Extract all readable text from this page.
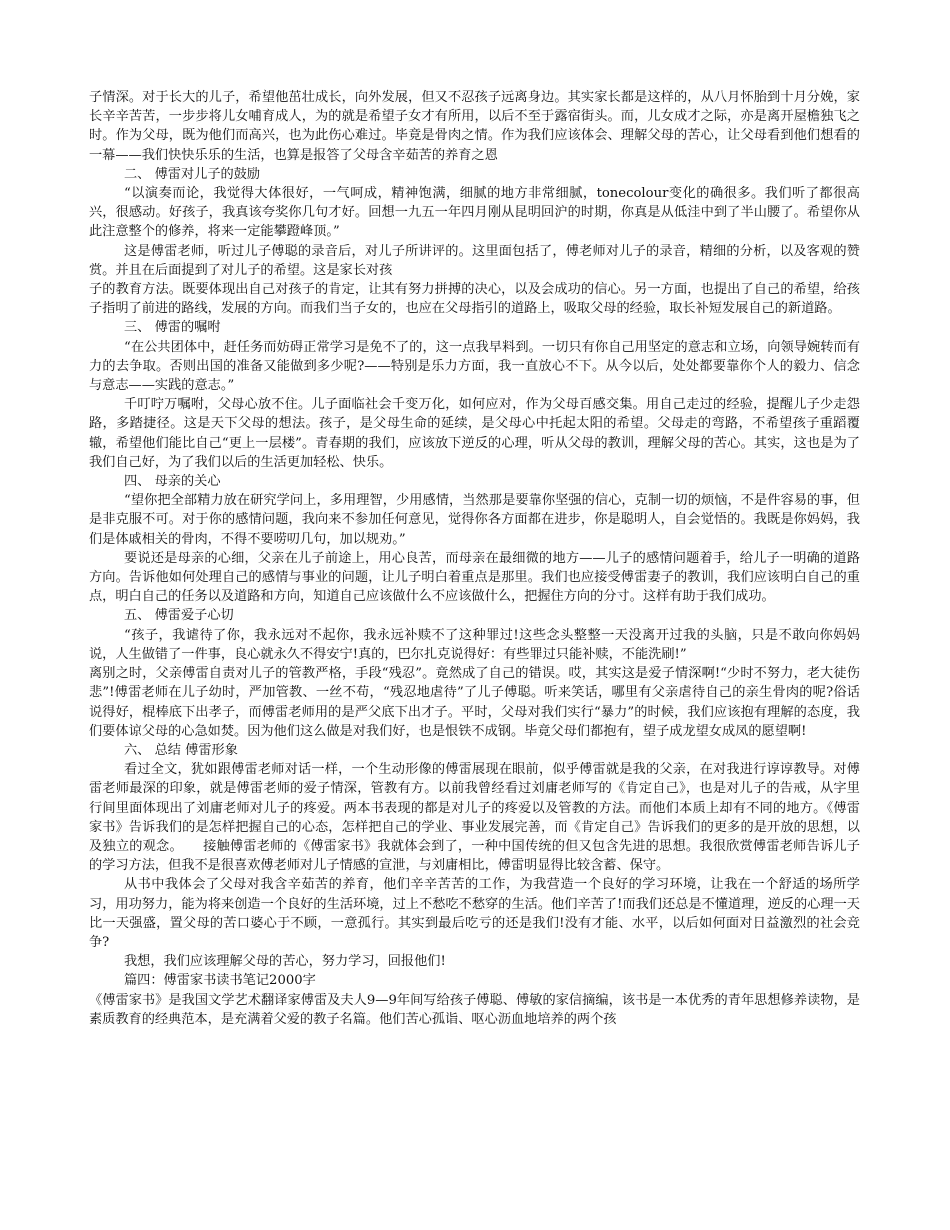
子情深。对于长大的儿子，希望他茁壮成长，向外发展，但又不忍孩子远离身边。其实家长都是这样的，从八月怀胎到十月分娩，家长辛辛苦苦，一步步将儿女哺育成人，为的就是希望子女才有所用，以后不至于露宿街头。而，儿女成才之际，亦是离开屋檐独飞之时。作为父母，既为他们而高兴，也为此伤心难过。毕竟是骨肉之情。作为我们应该体会、理解父母的苦心，让父母看到他们想看的一幕——我们快快乐乐的生活，也算是报答了父母含辛茹苦的养育之恩

二、 傅雷对儿子的鼓励

“以演奏而论，我觉得大体很好，一气呵成，精神饱满，细腻的地方非常细腻，tonecolour变化的确很多。我们听了都很高兴，很感动。好孩子，我真该夸奖你几句才好。回想一九五一年四月刚从昆明回沪的时期，你真是从低洼中到了半山腰了。希望你从此注意整个的修养，将来一定能攀蹬峰顶。”

这是傅雷老师，听过儿子傅聪的录音后，对儿子所讲评的。这里面包括了，傅老师对儿子的录音，精细的分析，以及客观的赞赏。并且在后面提到了对儿子的希望。这是家长对孩

子的教育方法。既要体现出自己对孩子的肯定，让其有努力拼搏的决心，以及会成功的信心。另一方面，也提出了自己的希望，给孩子指明了前进的路线，发展的方向。而我们当子女的，也应在父母指引的道路上，吸取父母的经验，取长补短发展自己的新道路。

三、 傅雷的嘱咐

“在公共团体中，赶任务而妨碍正常学习是免不了的，这一点我早料到。一切只有你自己用坚定的意志和立场，向领导婉转而有力的去争取。否则出国的准备又能做到多少呢?——特别是乐力方面，我一直放心不下。从今以后，处处都要靠你个人的毅力、信念与意志——实践的意志。”

千叮咛万嘱咐，父母心放不住。儿子面临社会千变万化，如何应对，作为父母百感交集。用自己走过的经验，提醒儿子少走怨路，多踏捷径。这是天下父母的想法。孩子，是父母生命的延续，是父母心中托起太阳的希望。父母走的弯路，不希望孩子重蹈覆辙，希望他们能比自己“更上一层楼”。青春期的我们，应该放下逆反的心理，听从父母的教训，理解父母的苦心。其实，这也是为了我们自己好，为了我们以后的生活更加轻松、快乐。

四、 母亲的关心

“望你把全部精力放在研究学问上，多用理智，少用感情，当然那是要靠你坚强的信心，克制一切的烦恼，不是件容易的事，但是非克服不可。对于你的感情问题，我向来不参加任何意见，觉得你各方面都在进步，你是聪明人，自会觉悟的。我既是你妈妈，我们是体戚相关的骨肉，不得不要唠叨几句，加以规劝。”

要说还是母亲的心细，父亲在儿子前途上，用心良苦，而母亲在最细微的地方——儿子的感情问题着手，给儿子一明确的道路方向。告诉他如何处理自己的感情与事业的问题，让儿子明白着重点是那里。我们也应接受傅雷妻子的教训，我们应该明白自己的重点，明白自己的任务以及道路和方向，知道自己应该做什么不应该做什么，把握住方向的分寸。这样有助于我们成功。

五、 傅雷爱子心切

“孩子，我谑待了你，我永远对不起你，我永远补赎不了这种罪过!这些念头整整一天没离开过我的头脑，只是不敢向你妈妈说，人生做错了一件事，良心就永久不得安宁!真的，巴尔扎克说得好：有些罪过只能补赎，不能洗刷!”

离别之时，父亲傅雷自责对儿子的管教严格，手段“残忍”。竟然成了自己的错误。哎，其实这是爱子情深啊!“少时不努力，老大徒伤悲”!傅雷老师在儿子幼时，严加管教、一丝不苟，“残忍地虐待”了儿子傅聪。听来笑话，哪里有父亲虐待自己的亲生骨肉的呢?俗话说得好，棍棒底下出孝子，而傅雷老师用的是严父底下出才子。平时，父母对我们实行“暴力”的时候，我们应该抱有理解的态度，我们要体谅父母的心急如焚。因为他们这么做是对我们好，也是恨铁不成钢。毕竟父母们都抱有，望子成龙望女成凤的愿望啊!

六、 总结 傅雷形象

看过全文，犹如跟傅雷老师对话一样，一个生动形像的傅雷展现在眼前，似乎傅雷就是我的父亲，在对我进行谆谆教导。对傅雷老师最深的印象，就是傅雷老师的爱子情深，管教有方。以前我曾经看过刘庸老师写的《肯定自己》，也是对儿子的告戒，从字里行间里面体现出了刘庸老师对儿子的疼爱。两本书表现的都是对儿子的疼爱以及管教的方法。而他们本质上却有不同的地方。《傅雷家书》告诉我们的是怎样把握自己的心态，怎样把自己的学业、事业发展完善，而《肯定自己》告诉我们的更多的是开放的思想，以及独立的观念。　　接触傅雷老师的《傅雷家书》我就体会到了，一种中国传统的但又包含先进的思想。我很欣赏傅雷老师告诉儿子的学习方法，但我不是很喜欢傅老师对儿子情感的宣泄，与刘庸相比，傅雷明显得比较含蓄、保守。

从书中我体会了父母对我含辛茹苦的养育，他们辛辛苦苦的工作，为我营造一个良好的学习环境，让我在一个舒适的场所学习，用功努力，能为将来创造一个良好的生活环境，过上不愁吃不愁穿的生活。他们辛苦了!而我们还总是不懂道理，逆反的心理一天比一天强盛，置父母的苦口婆心于不顾，一意孤行。其实到最后吃亏的还是我们!没有才能、水平，以后如何面对日益激烈的社会竞争?

我想，我们应该理解父母的苦心，努力学习，回报他们!

篇四：傅雷家书读书笔记2000字

《傅雷家书》是我国文学艺术翻译家傅雷及夫人9—9年间写给孩子傅聪、傅敏的家信摘编，该书是一本优秀的青年思想修养读物，是素质教育的经典范本，是充满着父爱的教子名篇。他们苦心孤诣、呕心沥血地培养的两个孩
